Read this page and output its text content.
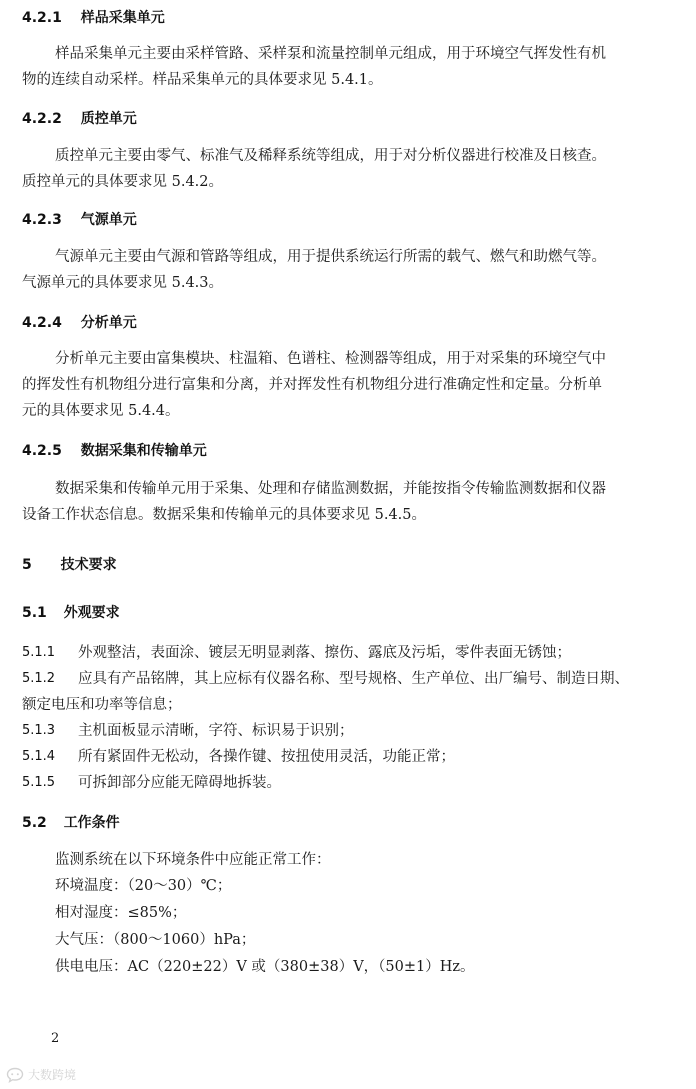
4.2.1 样品采集单元
样品采集单元主要由采样管路、采样泵和流量控制单元组成，用于环境空气挥发性有机
物的连续自动采样。样品采集单元的具体要求见 5.4.1。
4.2.2 质控单元
质控单元主要由零气、标准气及稀释系统等组成，用于对分析仪器进行校准及日核查。
质控单元的具体要求见 5.4.2。
4.2.3 气源单元
气源单元主要由气源和管路等组成，用于提供系统运行所需的载气、燃气和助燃气等。
气源单元的具体要求见 5.4.3。
4.2.4 分析单元
分析单元主要由富集模块、柱温箱、色谱柱、检测器等组成，用于对采集的环境空气中
的挥发性有机物组分进行富集和分离，并对挥发性有机物组分进行准确定性和定量。分析单
元的具体要求见 5.4.4。
4.2.5 数据采集和传输单元
数据采集和传输单元用于采集、处理和存储监测数据，并能按指令传输监测数据和仪器
设备工作状态信息。数据采集和传输单元的具体要求见 5.4.5。
5 技术要求
5.1 外观要求
5.1.1 外观整洁，表面涂、镀层无明显剥落、擦伤、露底及污垢，零件表面无锈蚀；
5.1.2 应具有产品铭牌，其上应标有仪器名称、型号规格、生产单位、出厂编号、制造日期、
额定电压和功率等信息；
5.1.3 主机面板显示清晰，字符、标识易于识别；
5.1.4 所有紧固件无松动，各操作键、按扭使用灵活，功能正常；
5.1.5 可拆卸部分应能无障碍地拆装。
5.2 工作条件
监测系统在以下环境条件中应能正常工作：
环境温度：（20～30）℃；
相对湿度：≤85%；
大气压：（800～1060）hPa；
供电电压：AC（220±22）V 或（380±38）V，（50±1）Hz。
2
大数跨境
